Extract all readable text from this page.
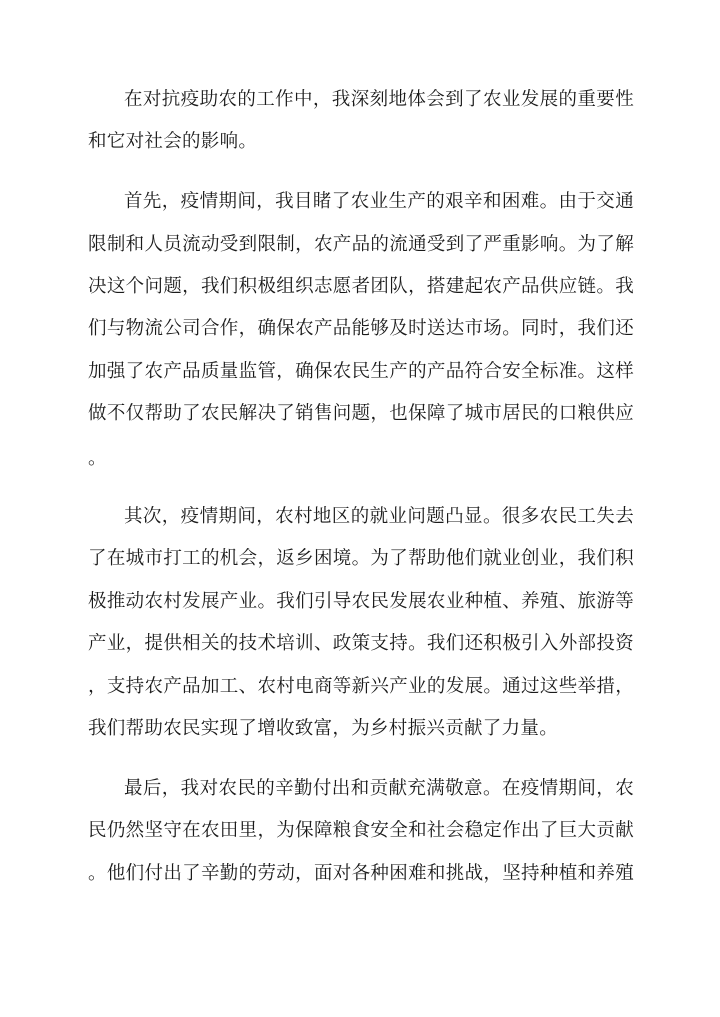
在对抗疫助农的工作中，我深刻地体会到了农业发展的重要性
和它对社会的影响。
首先，疫情期间，我目睹了农业生产的艰辛和困难。由于交通
限制和人员流动受到限制，农产品的流通受到了严重影响。为了解
决这个问题，我们积极组织志愿者团队，搭建起农产品供应链。我
们与物流公司合作，确保农产品能够及时送达市场。同时，我们还
加强了农产品质量监管，确保农民生产的产品符合安全标准。这样
做不仅帮助了农民解决了销售问题，也保障了城市居民的口粮供应
。
其次，疫情期间，农村地区的就业问题凸显。很多农民工失去
了在城市打工的机会，返乡困境。为了帮助他们就业创业，我们积
极推动农村发展产业。我们引导农民发展农业种植、养殖、旅游等
产业，提供相关的技术培训、政策支持。我们还积极引入外部投资
，支持农产品加工、农村电商等新兴产业的发展。通过这些举措，
我们帮助农民实现了增收致富，为乡村振兴贡献了力量。
最后，我对农民的辛勤付出和贡献充满敬意。在疫情期间，农
民仍然坚守在农田里，为保障粮食安全和社会稳定作出了巨大贡献
。他们付出了辛勤的劳动，面对各种困难和挑战，坚持种植和养殖
